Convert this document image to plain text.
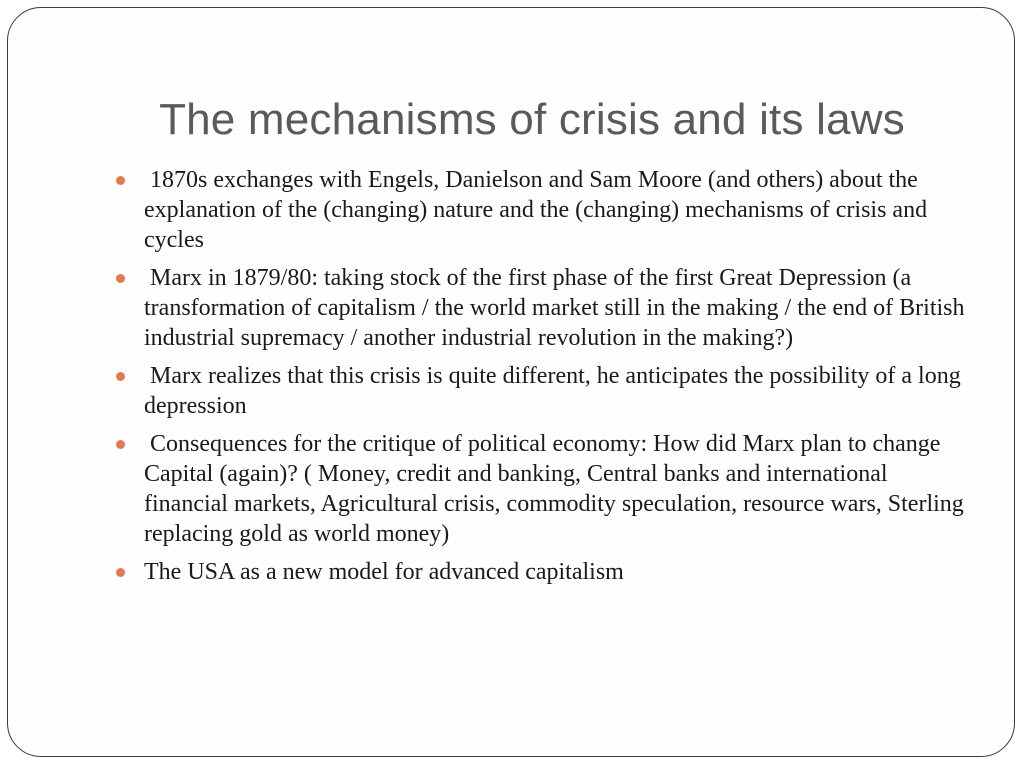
The mechanisms of crisis and its laws
1870s exchanges with Engels, Danielson and Sam Moore (and others) about the explanation of the (changing) nature and the (changing) mechanisms of crisis and cycles
Marx in 1879/80: taking stock of the first phase of the first Great Depression (a transformation of capitalism / the world market still in the making / the end of British industrial supremacy / another industrial revolution in the making?)
Marx realizes that this crisis is quite different, he anticipates the possibility of a long depression
Consequences for the critique of political economy: How did Marx plan to change Capital (again)? ( Money, credit and banking, Central banks and international financial markets, Agricultural crisis, commodity speculation, resource wars, Sterling replacing gold as world money)
The USA as a new model for advanced capitalism
